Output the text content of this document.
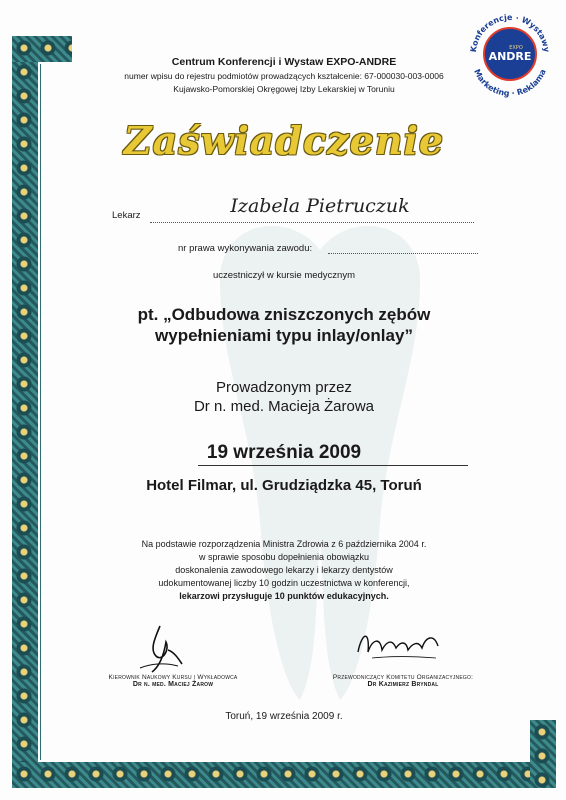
Konferencje · Wystawy
Marketing · Reklama
EXPO
ANDRE
Centrum Konferencji i Wystaw EXPO-ANDRE
numer wpisu do rejestru podmiotów prowadzących kształcenie: 67-000030-003-0006
Kujawsko-Pomorskiej Okręgowej Izby Lekarskiej w Toruniu
Zaświadczenie
Lekarz	Izabela Pietruczuk
nr prawa wykonywania zawodu:
uczestniczył w kursie medycznym
pt. „Odbudowa zniszczonych zębów
wypełnieniami typu inlay/onlay”
Prowadzonym przez
Dr n. med. Macieja Żarowa
19 września 2009
Hotel Filmar, ul. Grudziądzka 45, Toruń
Na podstawie rozporządzenia Ministra Zdrowia z 6 października 2004 r.
w sprawie sposobu dopełnienia obowiązku
doskonalenia zawodowego lekarzy i lekarzy dentystów
udokumentowanej liczby 10 godzin uczestnictwa w konferencji,
lekarzowi przysługuje 10 punktów edukacyjnych.
Kierownik Naukowy Kursu i Wykładowca
Dr n. med. Maciej Żarow
Przewodniczący Komitetu Organizacyjnego:
Dr Kazimierz Bryndal
Toruń, 19 września 2009 r.
